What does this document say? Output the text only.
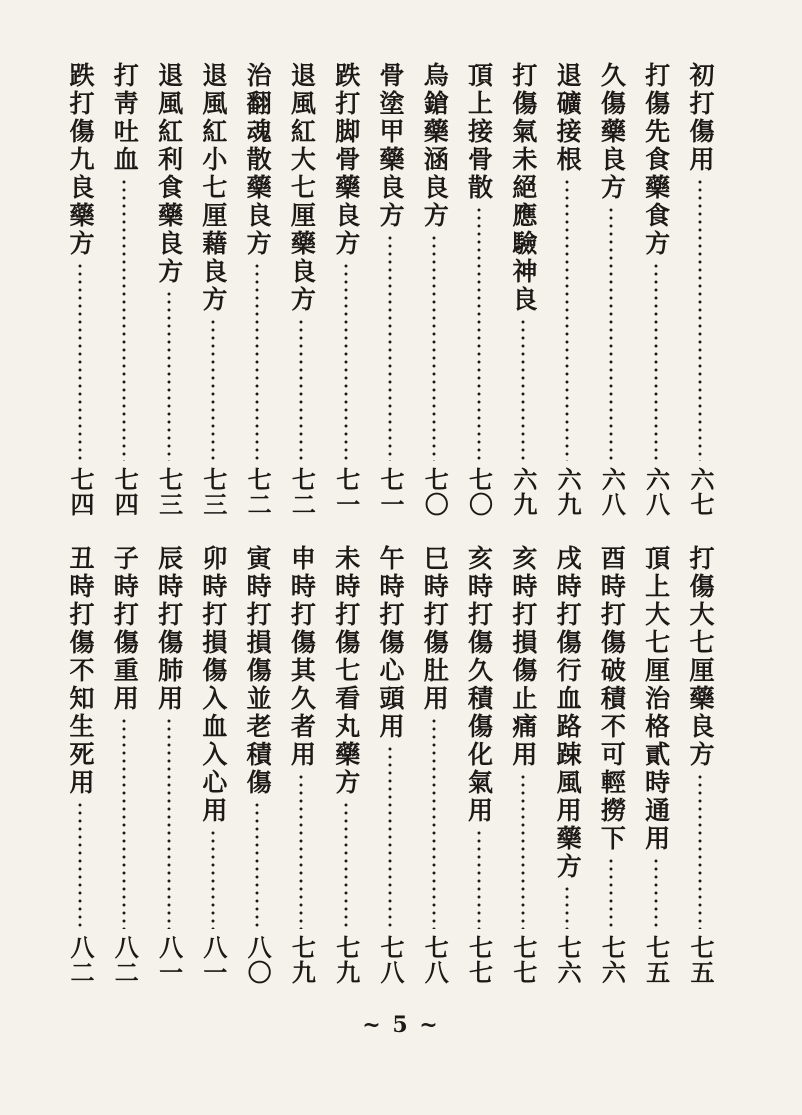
初打傷用
六七
打傷先食藥食方
六八
久傷藥良方
六八
退礦接根
六九
打傷氣未絕應驗神良
六九
頂上接骨散
七〇
烏鎗藥涵良方
七〇
骨塗甲藥良方
七一
跌打脚骨藥良方
七一
退風紅大七厘藥良方
七二
治翻魂散藥良方
七二
退風紅小七厘藉良方
七三
退風紅利食藥良方
七三
打靑吐血
七四
跌打傷九良藥方
七四
打傷大七厘藥良方
七五
頂上大七厘治格貳時通用
七五
酉時打傷破積不可輕撈下
七六
戌時打傷行血路踈風用藥方
七六
亥時打損傷止痛用
七七
亥時打傷久積傷化氣用
七七
巳時打傷肚用
七八
午時打傷心頭用
七八
未時打傷七看丸藥方
七九
申時打傷其久者用
七九
寅時打損傷並老積傷
八〇
卯時打損傷入血入心用
八一
辰時打傷肺用
八一
子時打傷重用
八二
丑時打傷不知生死用
八二
~ 5 ~
